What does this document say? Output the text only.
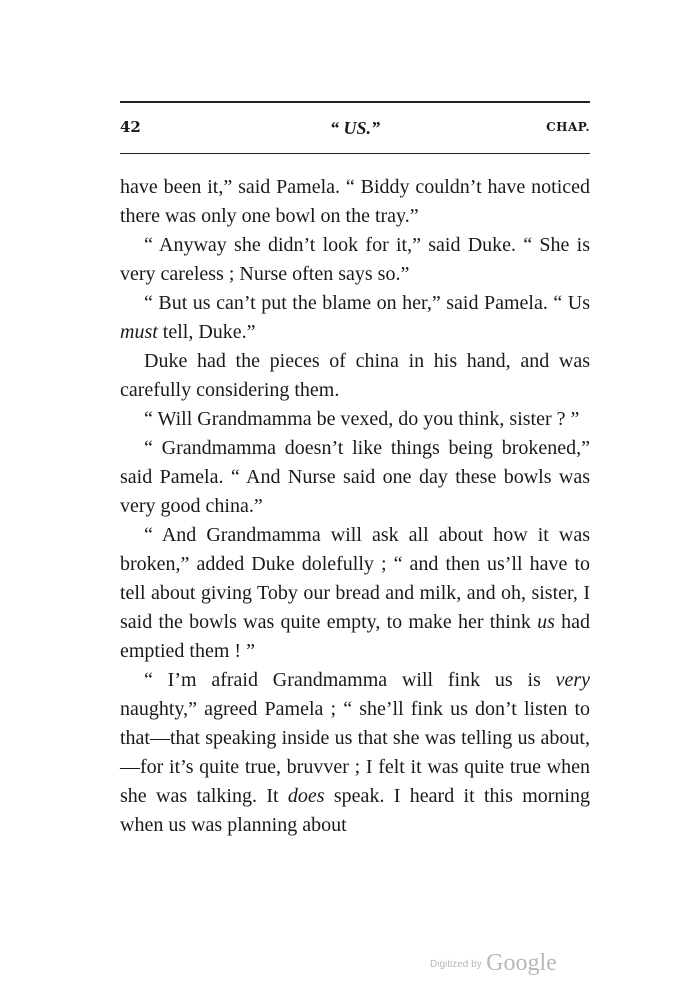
42	“ US.”	CHAP.

have been it,” said Pamela. “ Biddy couldn’t have noticed there was only one bowl on the tray.”

“ Anyway she didn’t look for it,” said Duke. “ She is very careless ; Nurse often says so.”

“ But us can’t put the blame on her,” said Pamela. “ Us must tell, Duke.”

Duke had the pieces of china in his hand, and was carefully considering them.

“ Will Grandmamma be vexed, do you think, sister ? ”

“ Grandmamma doesn’t like things being brokened,” said Pamela. “ And Nurse said one day these bowls was very good china.”

“ And Grandmamma will ask all about how it was broken,” added Duke dolefully ; “ and then us’ll have to tell about giving Toby our bread and milk, and oh, sister, I said the bowls was quite empty, to make her think us had emptied them ! ”

“ I’m afraid Grandmamma will fink us is very naughty,” agreed Pamela ; “ she’ll fink us don’t listen to that—that speaking inside us that she was telling us about,—for it’s quite true, bruvver ; I felt it was quite true when she was talking. It does speak. I heard it this morning when us was planning about

Digitized by Google
